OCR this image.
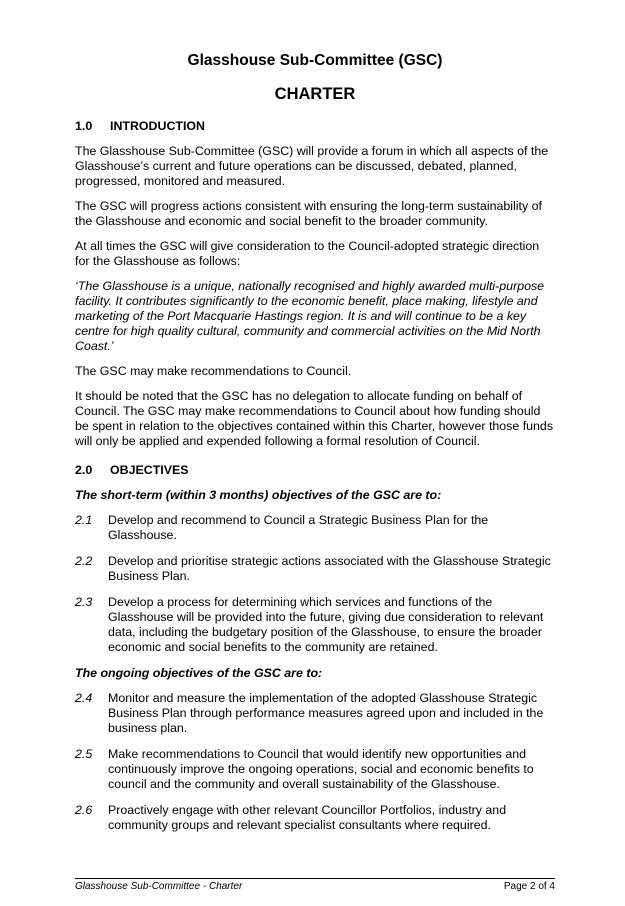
Glasshouse Sub-Committee (GSC)
CHARTER
1.0	INTRODUCTION

The Glasshouse Sub-Committee (GSC) will provide a forum in which all aspects of the Glasshouse’s current and future operations can be discussed, debated, planned, progressed, monitored and measured.

The GSC will progress actions consistent with ensuring the long-term sustainability of the Glasshouse and economic and social benefit to the broader community.

At all times the GSC will give consideration to the Council-adopted strategic direction for the Glasshouse as follows:

‘The Glasshouse is a unique, nationally recognised and highly awarded multi-purpose facility. It contributes significantly to the economic benefit, place making, lifestyle and marketing of the Port Macquarie Hastings region. It is and will continue to be a key centre for high quality cultural, community and commercial activities on the Mid North Coast.’

The GSC may make recommendations to Council.

It should be noted that the GSC has no delegation to allocate funding on behalf of Council. The GSC may make recommendations to Council about how funding should be spent in relation to the objectives contained within this Charter, however those funds will only be applied and expended following a formal resolution of Council.

2.0	OBJECTIVES
The short-term (within 3 months) objectives of the GSC are to:
2.1	Develop and recommend to Council a Strategic Business Plan for the Glasshouse.
2.2	Develop and prioritise strategic actions associated with the Glasshouse Strategic Business Plan.
2.3	Develop a process for determining which services and functions of the Glasshouse will be provided into the future, giving due consideration to relevant data, including the budgetary position of the Glasshouse, to ensure the broader economic and social benefits to the community are retained.
The ongoing objectives of the GSC are to:
2.4	Monitor and measure the implementation of the adopted Glasshouse Strategic Business Plan through performance measures agreed upon and included in the business plan.
2.5	Make recommendations to Council that would identify new opportunities and continuously improve the ongoing operations, social and economic benefits to council and the community and overall sustainability of the Glasshouse.
2.6	Proactively engage with other relevant Councillor Portfolios, industry and community groups and relevant specialist consultants where required.
Glasshouse Sub-Committee - Charter	Page 2 of 4
